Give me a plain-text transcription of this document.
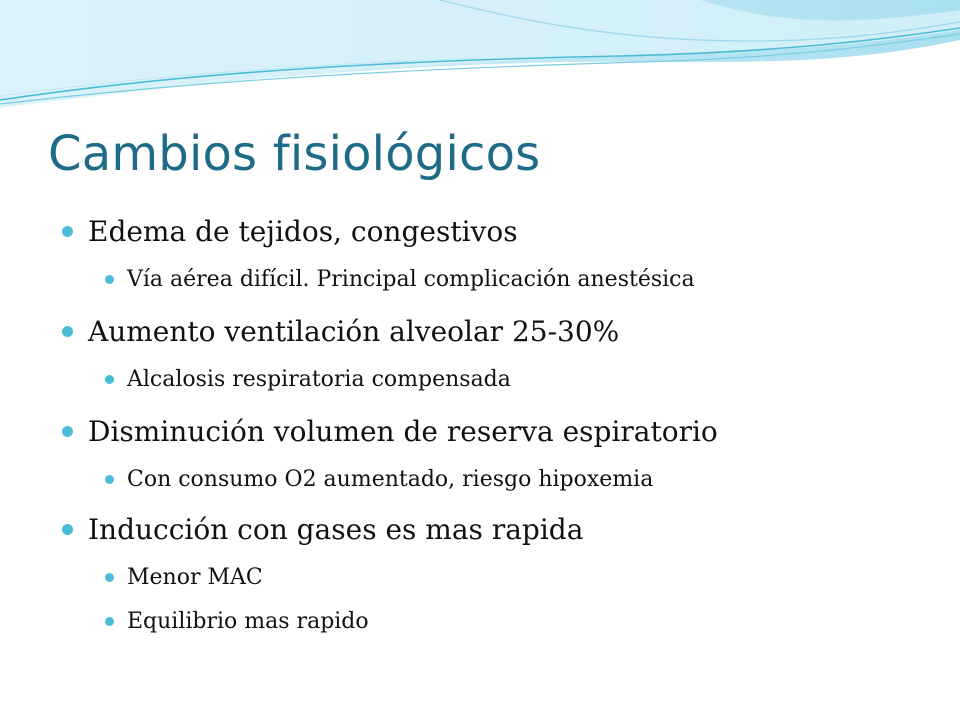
Cambios fisiológicos
Edema de tejidos, congestivos
Vía aérea difícil. Principal complicación anestésica
Aumento ventilación alveolar 25-30%
Alcalosis respiratoria compensada
Disminución volumen de reserva espiratorio
Con consumo O2 aumentado, riesgo hipoxemia
Inducción con gases es mas rapida
Menor MAC
Equilibrio mas rapido
